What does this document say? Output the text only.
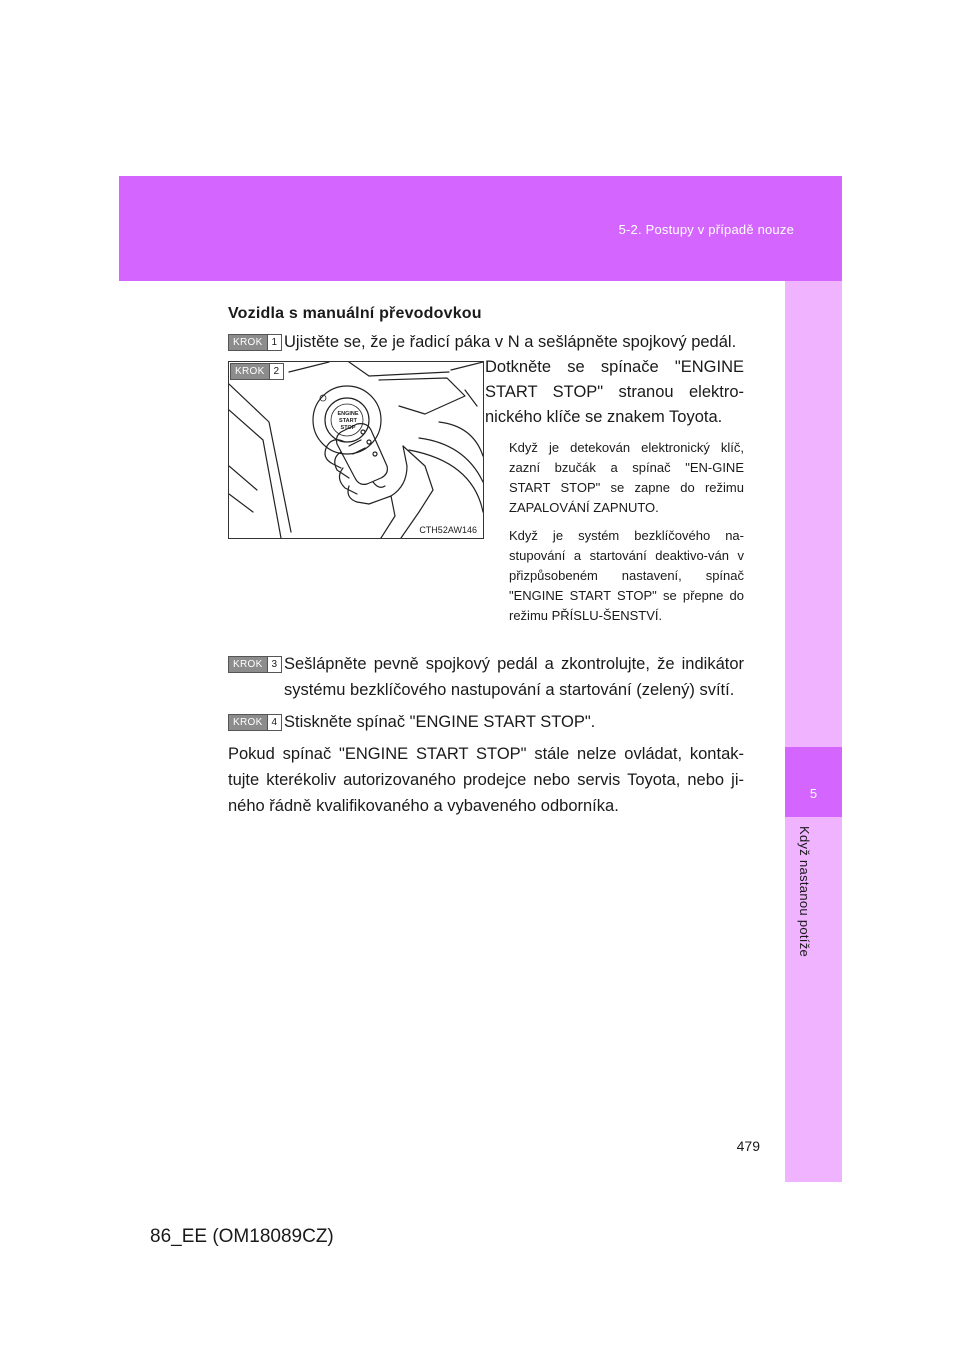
5-2. Postupy v případě nouze
5
Když nastanou potíže
Vozidla s manuální převodovkou
KROK 1 Ujistěte se, že je řadicí páka v N a sešlápněte spojkový pedál.
KROK 2
ENGINE
START
STOP
CTH52AW146
Dotkněte se spínače "ENGINE START STOP" stranou elektro-nického klíče se znakem Toyota.
Když je detekován elektronický klíč, zazní bzučák a spínač "EN-GINE START STOP" se zapne do režimu ZAPALOVÁNÍ ZAPNUTO.
Když je systém bezklíčového na-stupování a startování deaktivo-ván v přizpůsobeném nastavení, spínač "ENGINE START STOP" se přepne do režimu PŘÍSLU-ŠENSTVÍ.
KROK 3 Sešlápněte pevně spojkový pedál a zkontrolujte, že indikátor systému bezklíčového nastupování a startování (zelený) svítí.
KROK 4 Stiskněte spínač "ENGINE START STOP".
Pokud spínač "ENGINE START STOP" stále nelze ovládat, kontak-tujte kterékoliv autorizovaného prodejce nebo servis Toyota, nebo ji-ného řádně kvalifikovaného a vybaveného odborníka.
479
86_EE (OM18089CZ)
